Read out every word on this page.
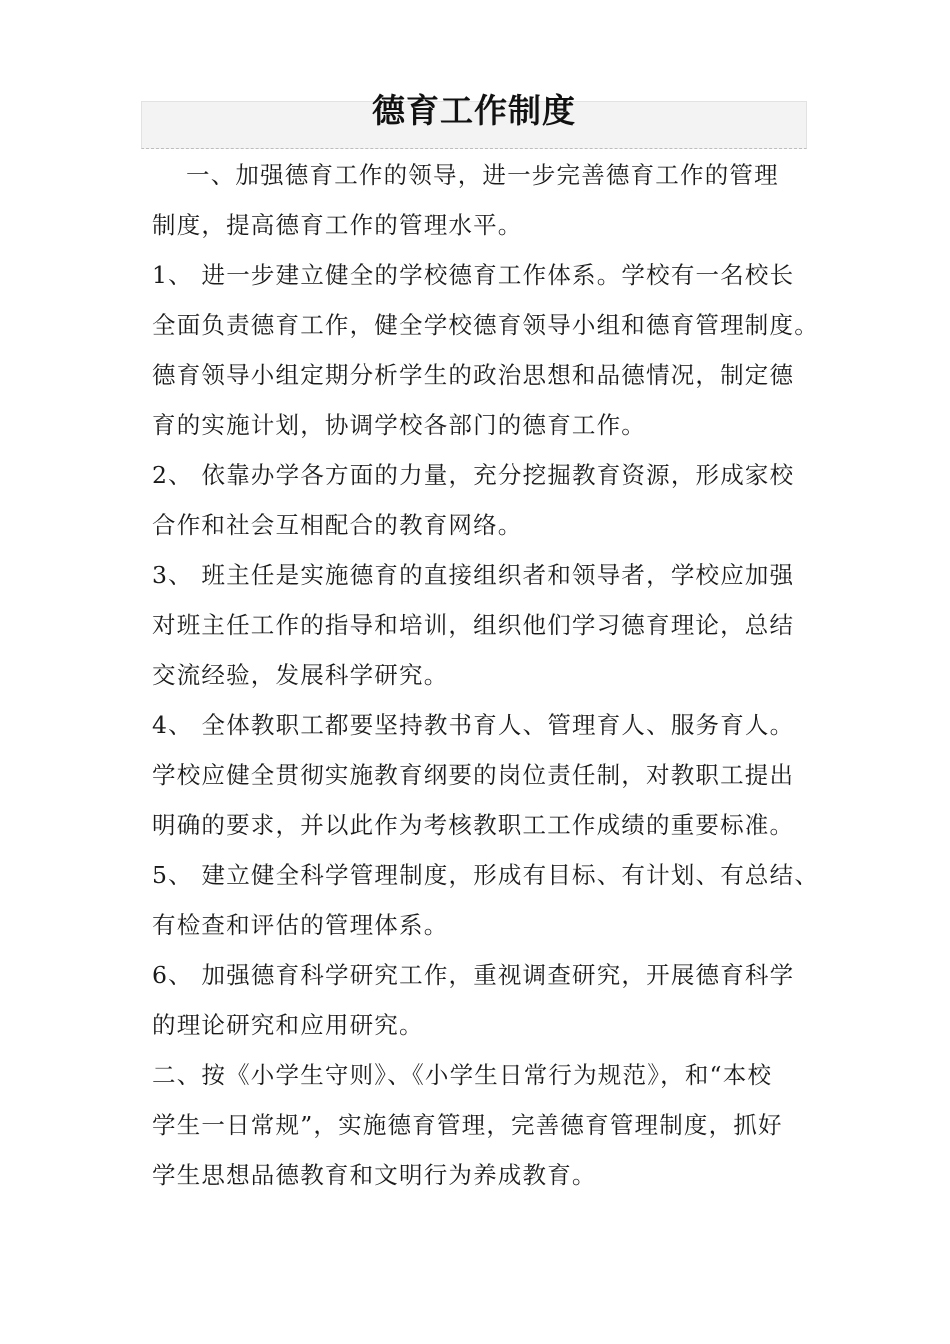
德育工作制度

一、加强德育工作的领导，进一步完善德育工作的管理

制度，提高德育工作的管理水平。

1、 进一步建立健全的学校德育工作体系。学校有一名校长

全面负责德育工作，健全学校德育领导小组和德育管理制度。

德育领导小组定期分析学生的政治思想和品德情况，制定德

育的实施计划，协调学校各部门的德育工作。

2、 依靠办学各方面的力量，充分挖掘教育资源，形成家校

合作和社会互相配合的教育网络。

3、 班主任是实施德育的直接组织者和领导者，学校应加强

对班主任工作的指导和培训，组织他们学习德育理论，总结

交流经验，发展科学研究。

4、 全体教职工都要坚持教书育人、管理育人、服务育人。

学校应健全贯彻实施教育纲要的岗位责任制，对教职工提出

明确的要求，并以此作为考核教职工工作成绩的重要标准。

5、 建立健全科学管理制度，形成有目标、有计划、有总结、

有检查和评估的管理体系。

6、 加强德育科学研究工作，重视调查研究，开展德育科学

的理论研究和应用研究。

二、按《小学生守则》、《小学生日常行为规范》，和“本校

学生一日常规”，实施德育管理，完善德育管理制度，抓好

学生思想品德教育和文明行为养成教育。
